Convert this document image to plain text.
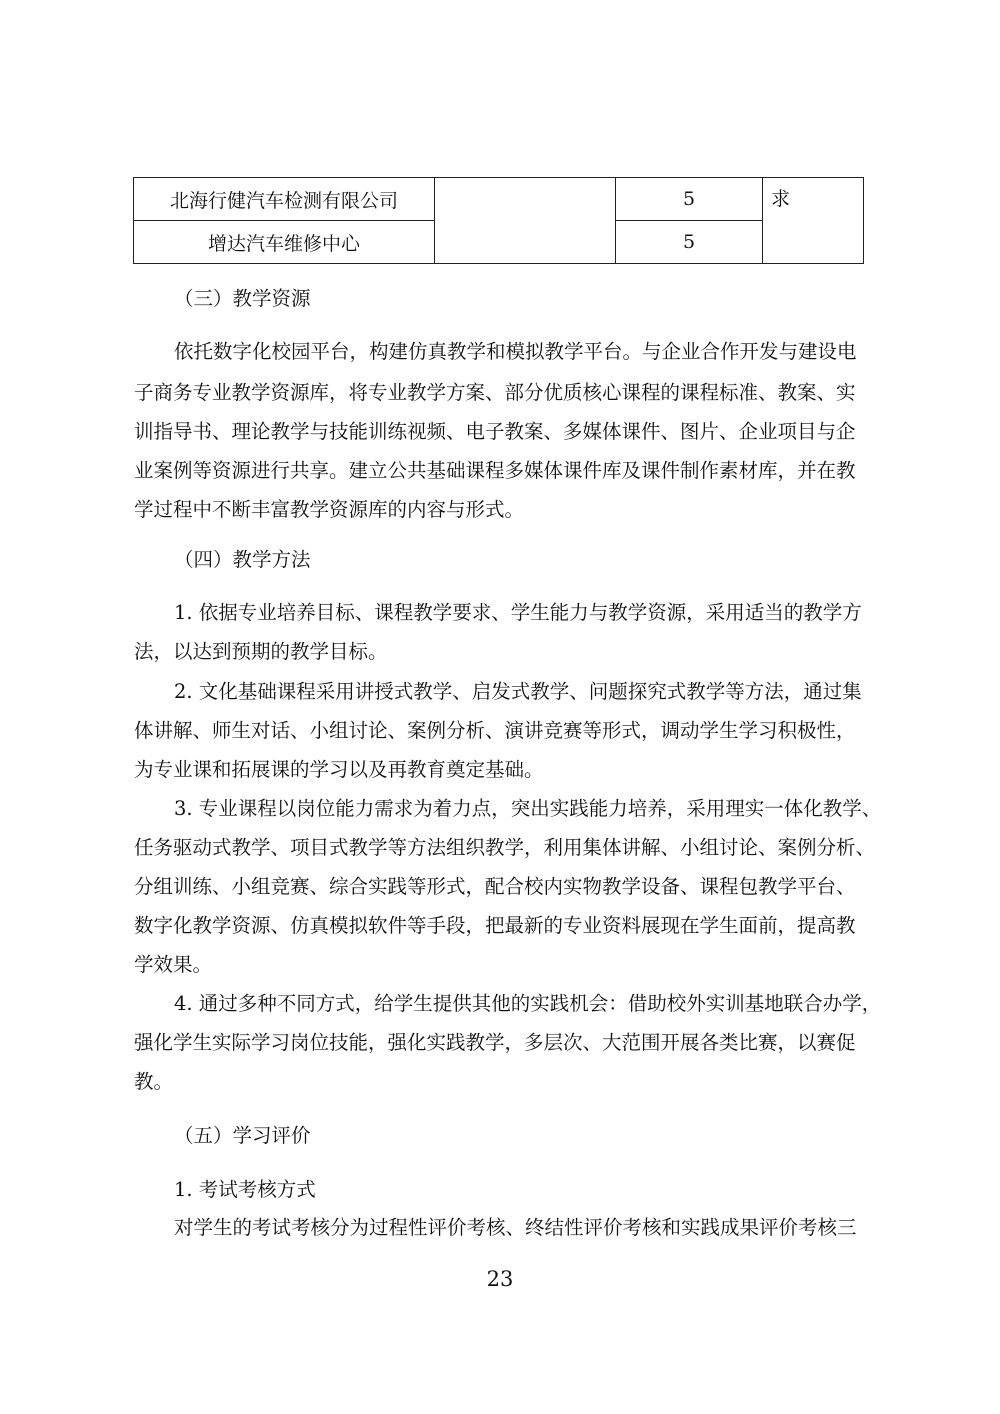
北海行健汽车检测有限公司		5	求
增达汽车维修中心		5	
（三）教学资源
依托数字化校园平台，构建仿真教学和模拟教学平台。与企业合作开发与建设电
子商务专业教学资源库，将专业教学方案、部分优质核心课程的课程标准、教案、实
训指导书、理论教学与技能训练视频、电子教案、多媒体课件、图片、企业项目与企
业案例等资源进行共享。建立公共基础课程多媒体课件库及课件制作素材库，并在教
学过程中不断丰富教学资源库的内容与形式。
（四）教学方法
1. 依据专业培养目标、课程教学要求、学生能力与教学资源，采用适当的教学方
法，以达到预期的教学目标。
2. 文化基础课程采用讲授式教学、启发式教学、问题探究式教学等方法，通过集
体讲解、师生对话、小组讨论、案例分析、演讲竞赛等形式，调动学生学习积极性，
为专业课和拓展课的学习以及再教育奠定基础。
3. 专业课程以岗位能力需求为着力点，突出实践能力培养，采用理实一体化教学、
任务驱动式教学、项目式教学等方法组织教学，利用集体讲解、小组讨论、案例分析、
分组训练、小组竞赛、综合实践等形式，配合校内实物教学设备、课程包教学平台、
数字化教学资源、仿真模拟软件等手段，把最新的专业资料展现在学生面前，提高教
学效果。
4. 通过多种不同方式，给学生提供其他的实践机会：借助校外实训基地联合办学，
强化学生实际学习岗位技能，强化实践教学，多层次、大范围开展各类比赛，以赛促
教。
（五）学习评价
1. 考试考核方式
对学生的考试考核分为过程性评价考核、终结性评价考核和实践成果评价考核三
23
